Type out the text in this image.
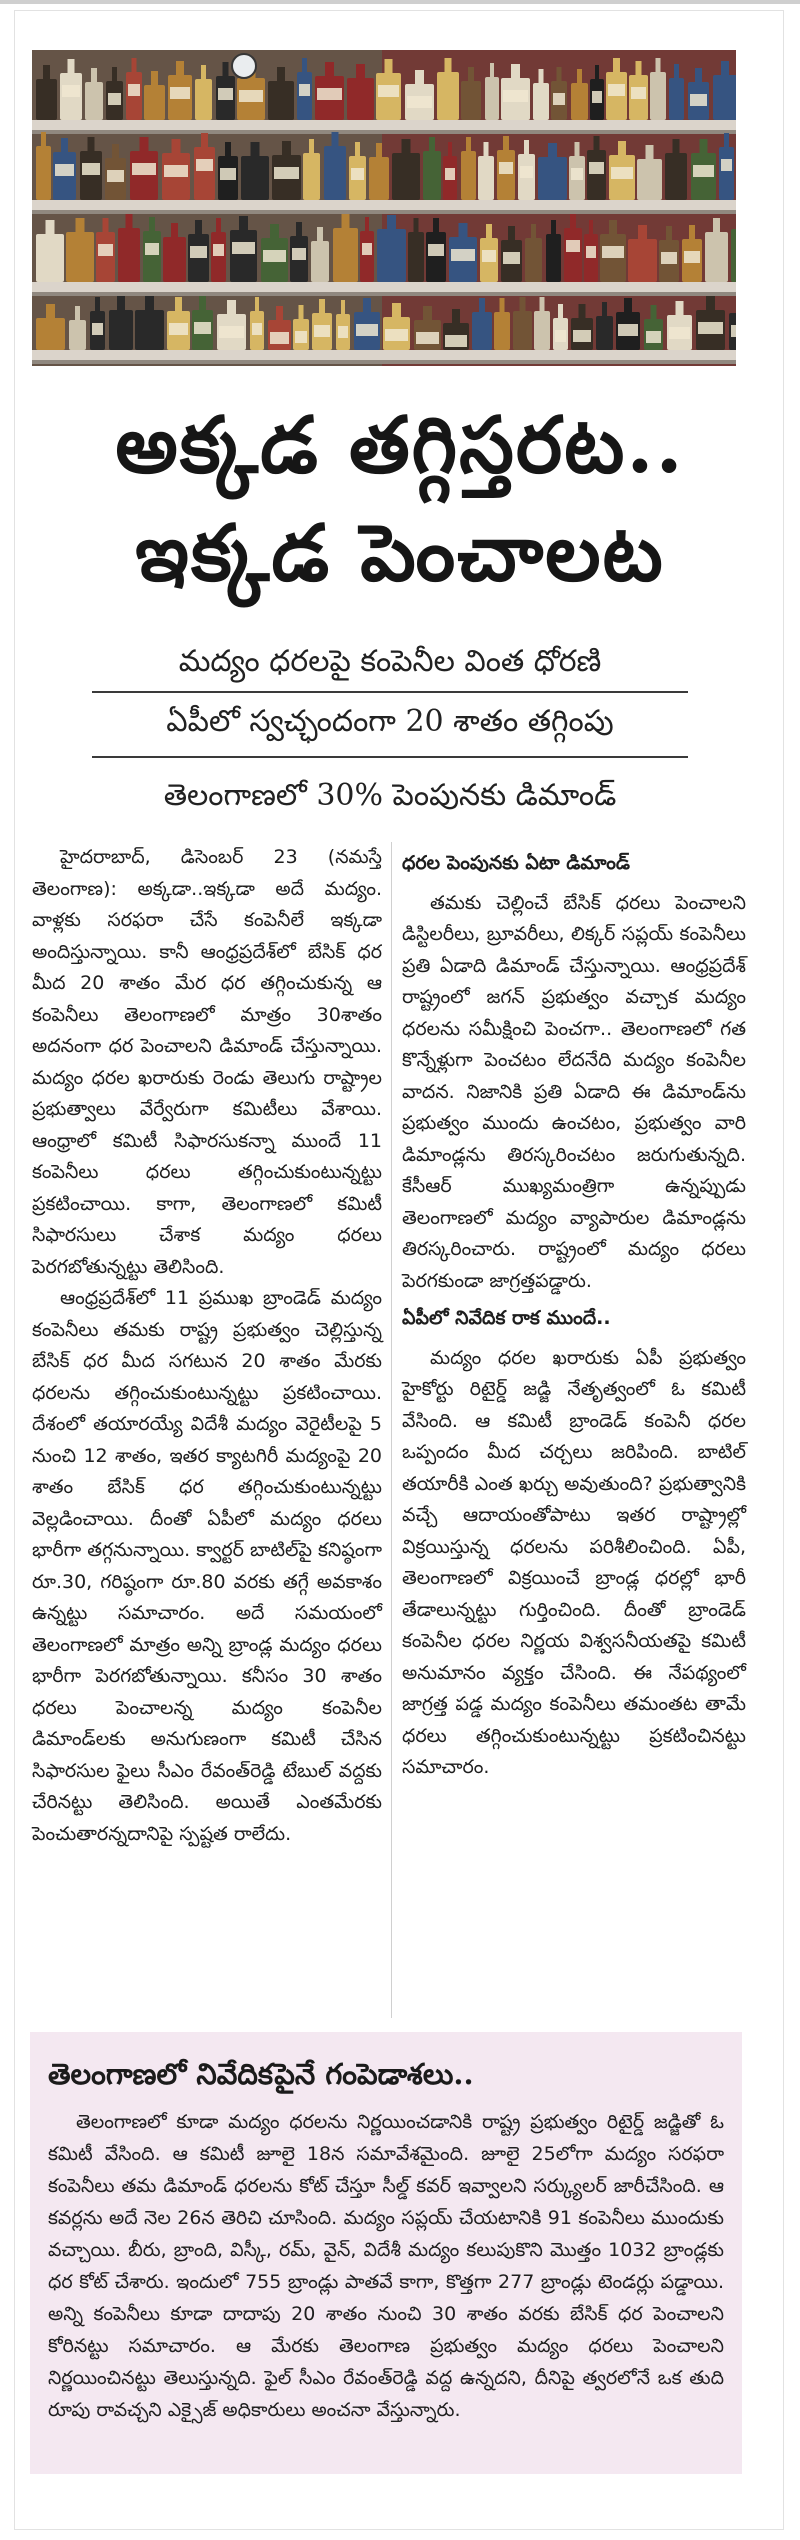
అక్కడ తగ్గిస్తరట..
ఇక్కడ పెంచాలట
మద్యం ధరలపై కంపెనీల వింత ధోరణి
ఏపీలో స్వచ్ఛందంగా 20 శాతం తగ్గింపు
తెలంగాణలో 30% పెంపునకు డిమాండ్

హైదరాబాద్, డిసెంబర్ 23 (నమస్తే తెలంగాణ): అక్కడా..ఇక్కడా అదే మద్యం. వాళ్లకు సరఫరా చేసే కంపెనీలే ఇక్కడా అందిస్తున్నాయి. కానీ ఆంధ్రప్రదేశ్‌లో బేసిక్ ధర మీద 20 శాతం మేర ధర తగ్గించుకున్న ఆ కంపెనీలు తెలంగాణలో మాత్రం 30శాతం అదనంగా ధర పెంచాలని డిమాండ్ చేస్తున్నాయి. మద్యం ధరల ఖరారుకు రెండు తెలుగు రాష్ట్రాల ప్రభుత్వాలు వేర్వేరుగా కమిటీలు వేశాయి. ఆంధ్రాలో కమిటీ సిఫారసుకన్నా ముందే 11 కంపెనీలు ధరలు తగ్గించుకుంటున్నట్టు ప్రకటించాయి. కాగా, తెలంగాణలో కమిటీ సిఫారసులు చేశాక మద్యం ధరలు పెరగబోతున్నట్టు తెలిసింది.

ఆంధ్రప్రదేశ్‌లో 11 ప్రముఖ బ్రాండెడ్ మద్యం కంపెనీలు తమకు రాష్ట్ర ప్రభుత్వం చెల్లిస్తున్న బేసిక్ ధర మీద సగటున 20 శాతం మేరకు ధరలను తగ్గించుకుంటున్నట్టు ప్రకటించాయి. దేశంలో తయారయ్యే విదేశీ మద్యం వెరైటీలపై 5 నుంచి 12 శాతం, ఇతర క్యాటగిరీ మద్యంపై 20 శాతం బేసిక్ ధర తగ్గించుకుంటున్నట్టు వెల్లడించాయి. దీంతో ఏపీలో మద్యం ధరలు భారీగా తగ్గనున్నాయి. క్వార్టర్ బాటిల్‌పై కనిష్ఠంగా రూ.30, గరిష్ఠంగా రూ.80 వరకు తగ్గే అవకాశం ఉన్నట్టు సమాచారం. అదే సమయంలో తెలంగాణలో మాత్రం అన్ని బ్రాండ్ల మద్యం ధరలు భారీగా పెరగబోతున్నాయి. కనీసం 30 శాతం ధరలు పెంచాలన్న మద్యం కంపెనీల డిమాండ్‌లకు అనుగుణంగా కమిటీ చేసిన సిఫారసుల ఫైలు సీఎం రేవంత్‌రెడ్డి టేబుల్ వద్దకు చేరినట్టు తెలిసింది. అయితే ఎంతమేరకు పెంచుతారన్నదానిపై స్పష్టత రాలేదు.

ధరల పెంపునకు ఏటా డిమాండ్

తమకు చెల్లించే బేసిక్ ధరలు పెంచాలని డిస్టిలరీలు, బ్రూవరీలు, లిక్కర్ సప్లయ్ కంపెనీలు ప్రతి ఏడాది డిమాండ్ చేస్తున్నాయి. ఆంధ్రప్రదేశ్ రాష్ట్రంలో జగన్ ప్రభుత్వం వచ్చాక మద్యం ధరలను సమీక్షించి పెంచగా.. తెలంగాణలో గత కొన్నేళ్లుగా పెంచటం లేదనేది మద్యం కంపెనీల వాదన. నిజానికి ప్రతి ఏడాది ఈ డిమాండ్‌ను ప్రభుత్వం ముందు ఉంచటం, ప్రభుత్వం వారి డిమాండ్లను తిరస్కరించటం జరుగుతున్నది. కేసీఆర్ ముఖ్యమంత్రిగా ఉన్నప్పుడు తెలంగాణలో మద్యం వ్యాపారుల డిమాండ్లను తిరస్కరించారు. రాష్ట్రంలో మద్యం ధరలు పెరగకుండా జాగ్రత్తపడ్డారు.

ఏపీలో నివేదిక రాక ముందే..

మద్యం ధరల ఖరారుకు ఏపీ ప్రభుత్వం హైకోర్టు రిటైర్డ్ జడ్జి నేతృత్వంలో ఓ కమిటీ వేసింది. ఆ కమిటీ బ్రాండెడ్ కంపెనీ ధరల ఒప్పందం మీద చర్చలు జరిపింది. బాటిల్ తయారీకి ఎంత ఖర్చు అవుతుంది? ప్రభుత్వానికి వచ్చే ఆదాయంతోపాటు ఇతర రాష్ట్రాల్లో విక్రయిస్తున్న ధరలను పరిశీలించింది. ఏపీ, తెలంగాణలో విక్రయించే బ్రాండ్ల ధరల్లో భారీ తేడాలున్నట్టు గుర్తించింది. దీంతో బ్రాండెడ్ కంపెనీల ధరల నిర్ణయ విశ్వసనీయతపై కమిటీ అనుమానం వ్యక్తం చేసింది. ఈ నేపథ్యంలో జాగ్రత్త పడ్డ మద్యం కంపెనీలు తమంతట తామే ధరలు తగ్గించుకుంటున్నట్టు ప్రకటించినట్టు సమాచారం.

తెలంగాణలో నివేదికపైనే గంపెడాశలు..

తెలంగాణలో కూడా మద్యం ధరలను నిర్ణయించడానికి రాష్ట్ర ప్రభుత్వం రిటైర్డ్ జడ్జితో ఓ కమిటీ వేసింది. ఆ కమిటీ జూలై 18న సమావేశమైంది. జూలై 25లోగా మద్యం సరఫరా కంపెనీలు తమ డిమాండ్ ధరలను కోట్ చేస్తూ సీల్డ్ కవర్ ఇవ్వాలని సర్క్యులర్ జారీచేసింది. ఆ కవర్లను అదే నెల 26న తెరిచి చూసింది. మద్యం సప్లయ్ చేయటానికి 91 కంపెనీలు ముందుకు వచ్చాయి. బీరు, బ్రాంది, విస్కీ, రమ్, వైన్, విదేశీ మద్యం కలుపుకొని మొత్తం 1032 బ్రాండ్లకు ధర కోట్ చేశారు. ఇందులో 755 బ్రాండ్లు పాతవే కాగా, కొత్తగా 277 బ్రాండ్లు టెండర్లు పడ్డాయి. అన్ని కంపెనీలు కూడా దాదాపు 20 శాతం నుంచి 30 శాతం వరకు బేసిక్ ధర పెంచాలని కోరినట్టు సమాచారం. ఆ మేరకు తెలంగాణ ప్రభుత్వం మద్యం ధరలు పెంచాలని నిర్ణయించినట్టు తెలుస్తున్నది. ఫైల్ సీఎం రేవంత్‌రెడ్డి వద్ద ఉన్నదని, దీనిపై త్వరలోనే ఒక తుది రూపు రావచ్చని ఎక్సైజ్ అధికారులు అంచనా వేస్తున్నారు.
